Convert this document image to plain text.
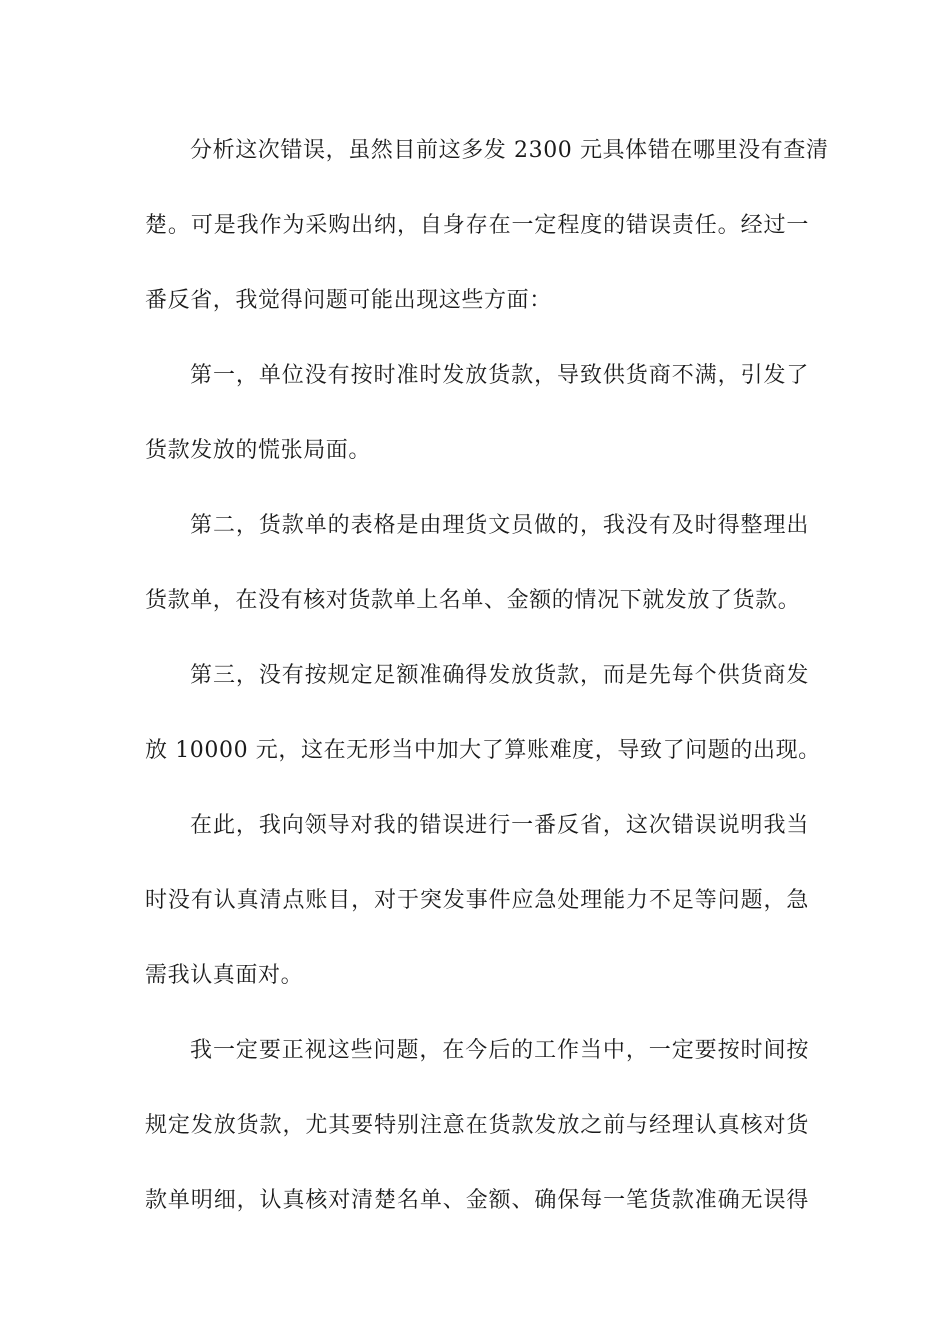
分析这次错误，虽然目前这多发 2300 元具体错在哪里没有查清
楚。可是我作为采购出纳，自身存在一定程度的错误责任。经过一
番反省，我觉得问题可能出现这些方面：
第一，单位没有按时准时发放货款，导致供货商不满，引发了
货款发放的慌张局面。
第二，货款单的表格是由理货文员做的，我没有及时得整理出
货款单，在没有核对货款单上名单、金额的情况下就发放了货款。
第三，没有按规定足额准确得发放货款，而是先每个供货商发
放 10000 元，这在无形当中加大了算账难度，导致了问题的出现。
在此，我向领导对我的错误进行一番反省，这次错误说明我当
时没有认真清点账目，对于突发事件应急处理能力不足等问题，急
需我认真面对。
我一定要正视这些问题，在今后的工作当中，一定要按时间按
规定发放货款，尤其要特别注意在货款发放之前与经理认真核对货
款单明细，认真核对清楚名单、金额、确保每一笔货款准确无误得
